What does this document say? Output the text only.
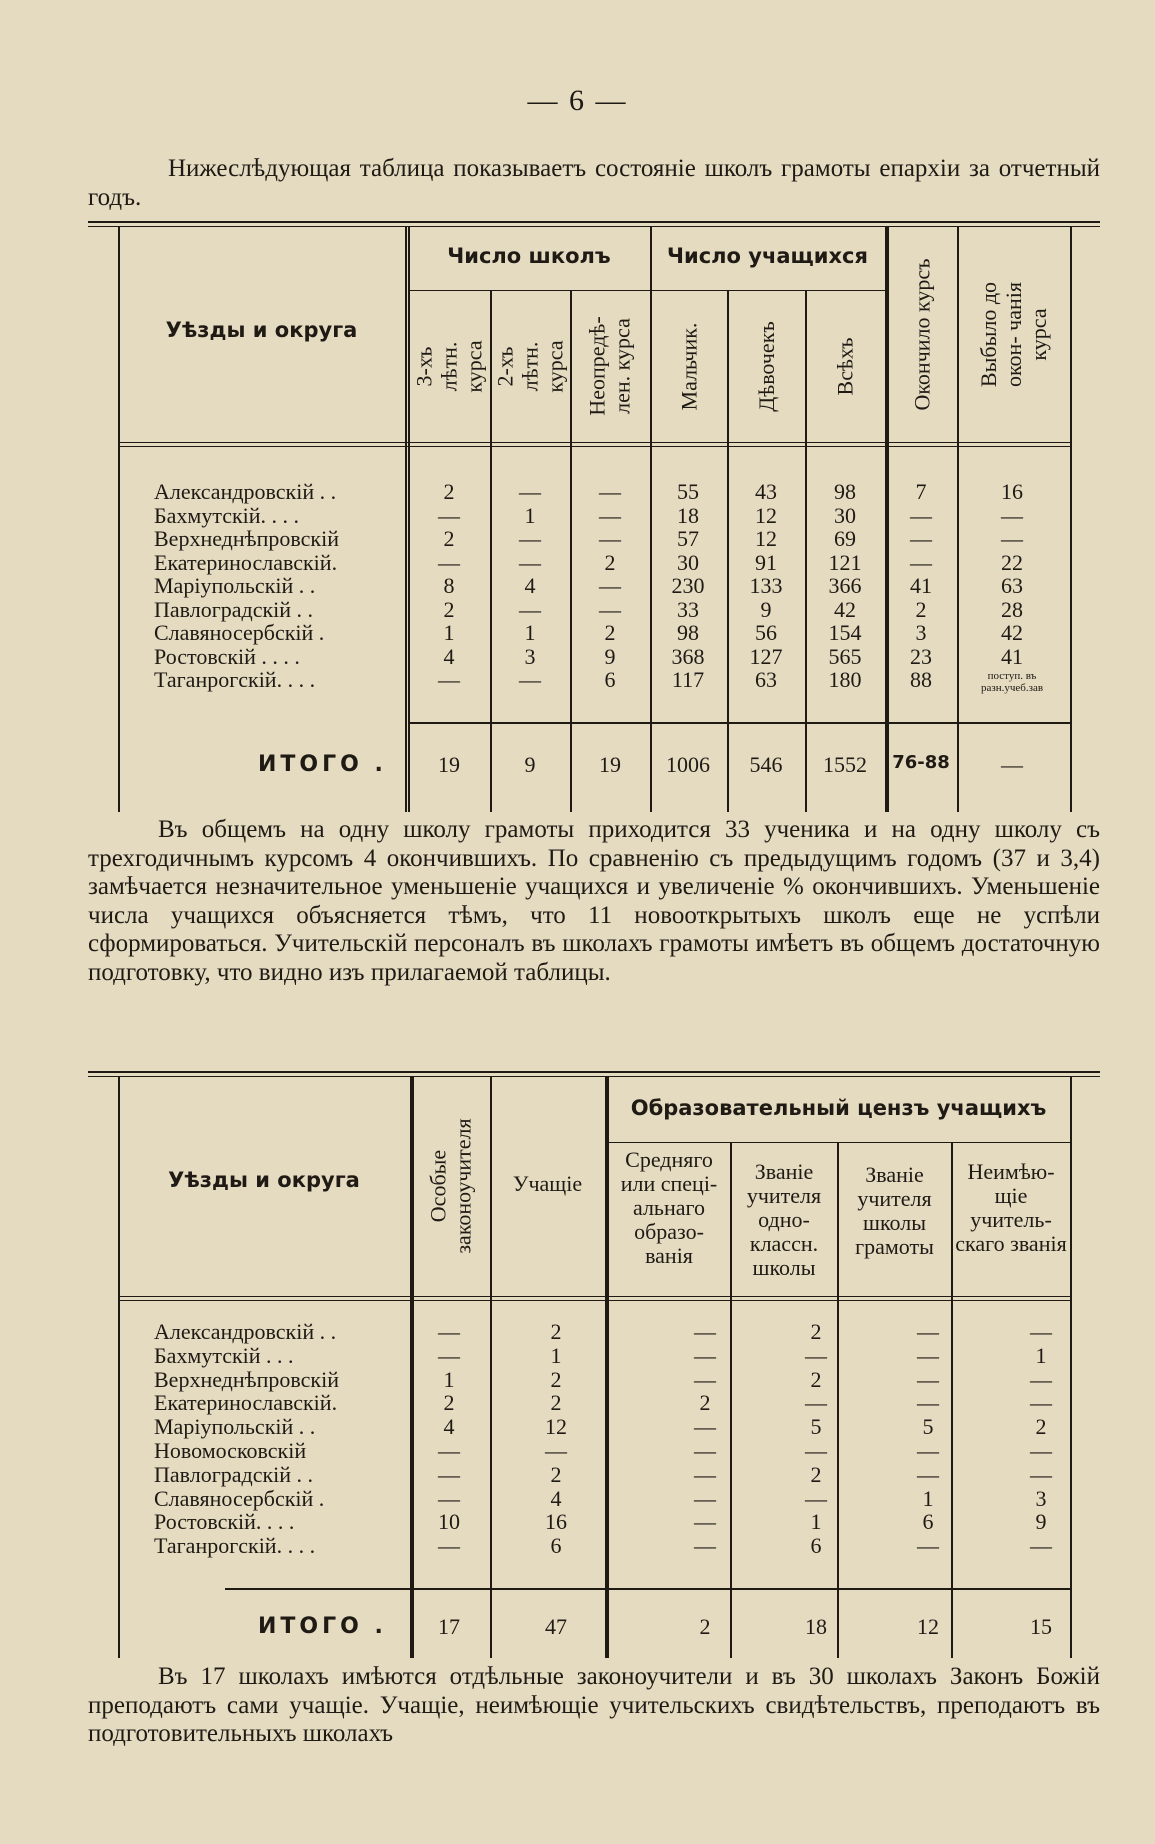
— 6 —
Нижеслѣдующая таблица показываетъ состояніе школъ грамоты епархіи за отчетный годъ.
Уѣзды и округа
Число школъ	Число учащихся
3-хъ лѣтн. курса 2-хъ лѣтн. курса Неопредѣ- лен. курса Мальчик. Дѣвочекъ Всѣхъ Окончило курсъ Выбыло до окон- чанія курса
Александровскій . .	2	—	—	55	43	98	7	16
Бахмутскій. . . .	—	1	—	18	12	30	—	—
Верхнеднѣпровскій	2	—	—	57	12	69	—	—
Екатеринославскій.	—	—	2	30	91	121	—	22
Маріупольскій . .	8	4	—	230	133	366	41	63
Павлоградскій . .	2	—	—	33	9	42	2	28
Славяносербскій .	1	1	2	98	56	154	3	42
Ростовскій . . . .	4	3	9	368	127	565	23	41
Таганрогскій. . . .	—	—	6	117	63	180	88	поступ. въ разн.учеб.зав
ИТОГО .	19	9	19	1006	546	1552	76-88	—
Въ общемъ на одну школу грамоты приходится 33 ученика и на одну школу съ трехгодичнымъ курсомъ 4 окончившихъ. По сравненію съ предыдущимъ годомъ (37 и 3,4) замѣчается незначительное уменьшеніе учащихся и увеличеніе % окончившихъ. Уменьшеніе числа учащихся объясняется тѣмъ, что 11 новооткрытыхъ школъ еще не успѣли сформироваться. Учительскій персоналъ въ школахъ грамоты имѣетъ въ общемъ достаточную подготовку, что видно изъ прилагаемой таблицы.
Уѣзды и округа	Особые законоучителя	Учащіе
Образовательный цензъ учащихъ
Средняго или спеці- альнаго образо- ванія
Званіе учителя одно- классн. школы
Званіе учителя школы грамоты
Неимѣю- щіе учитель- скаго званія
Александровскій . .	—	2	—	2	—	—
Бахмутскій . . .	—	1	—	—	—	1
Верхнеднѣпровскій	1	2	—	2	—	—
Екатеринославскій.	2	2	2	—	—	—
Маріупольскій . .	4	12	—	5	5	2
Новомосковскій	—	—	—	—	—	—
Павлоградскій . .	—	2	—	2	—	—
Славяносербскій .	—	4	—	—	1	3
Ростовскій. . . .	10	16	—	1	6	9
Таганрогскій. . . .	—	6	—	6	—	—
ИТОГО .	17	47	2	18	12	15
Въ 17 школахъ имѣются отдѣльные законоучители и въ 30 школахъ Законъ Божій преподаютъ сами учащіе. Учащіе, неимѣющіе учительскихъ свидѣтельствъ, преподаютъ въ подготовительныхъ школахъ
